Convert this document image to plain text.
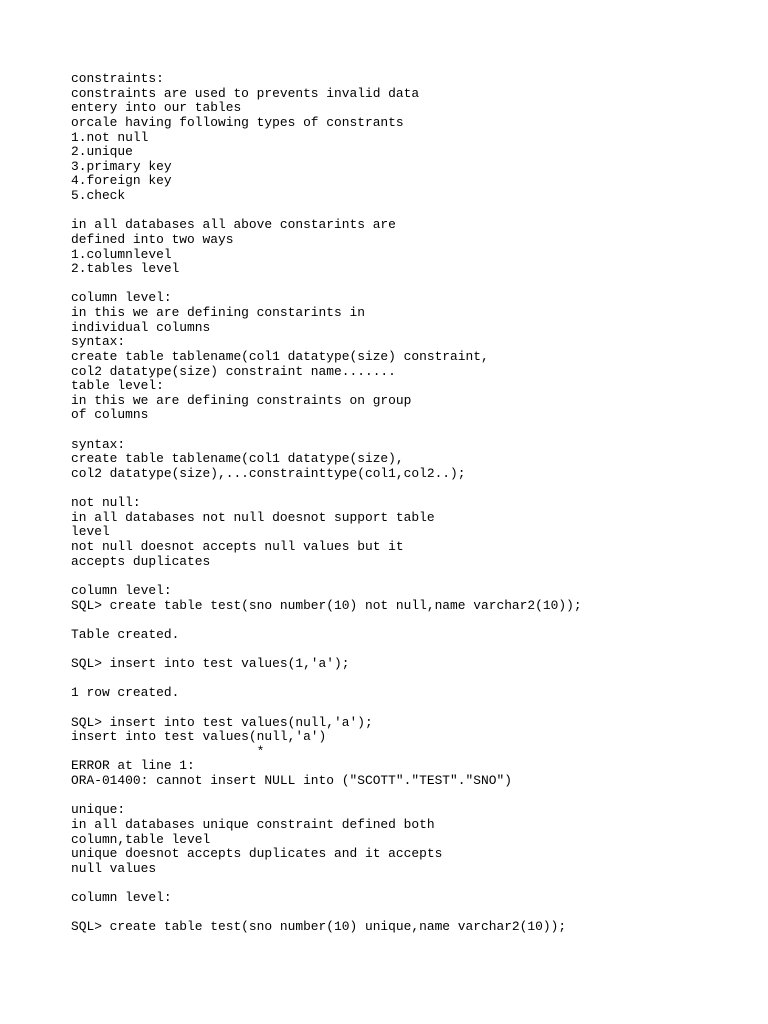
constraints:
constraints are used to prevents invalid data
entery into our tables
orcale having following types of constrants
1.not null
2.unique
3.primary key
4.foreign key
5.check

in all databases all above constarints are
defined into two ways
1.columnlevel
2.tables level

column level:
in this we are defining constarints in
individual columns
syntax:
create table tablename(col1 datatype(size) constraint,
col2 datatype(size) constraint name.......
table level:
in this we are defining constraints on group
of columns

syntax:
create table tablename(col1 datatype(size),
col2 datatype(size),...constrainttype(col1,col2..);

not null:
in all databases not null doesnot support table
level
not null doesnot accepts null values but it
accepts duplicates

column level:
SQL> create table test(sno number(10) not null,name varchar2(10));

Table created.

SQL> insert into test values(1,'a');

1 row created.

SQL> insert into test values(null,'a');
insert into test values(null,'a')
*
ERROR at line 1:
ORA-01400: cannot insert NULL into ("SCOTT"."TEST"."SNO")

unique:
in all databases unique constraint defined both
column,table level
unique doesnot accepts duplicates and it accepts
null values

column level:

SQL> create table test(sno number(10) unique,name varchar2(10));
